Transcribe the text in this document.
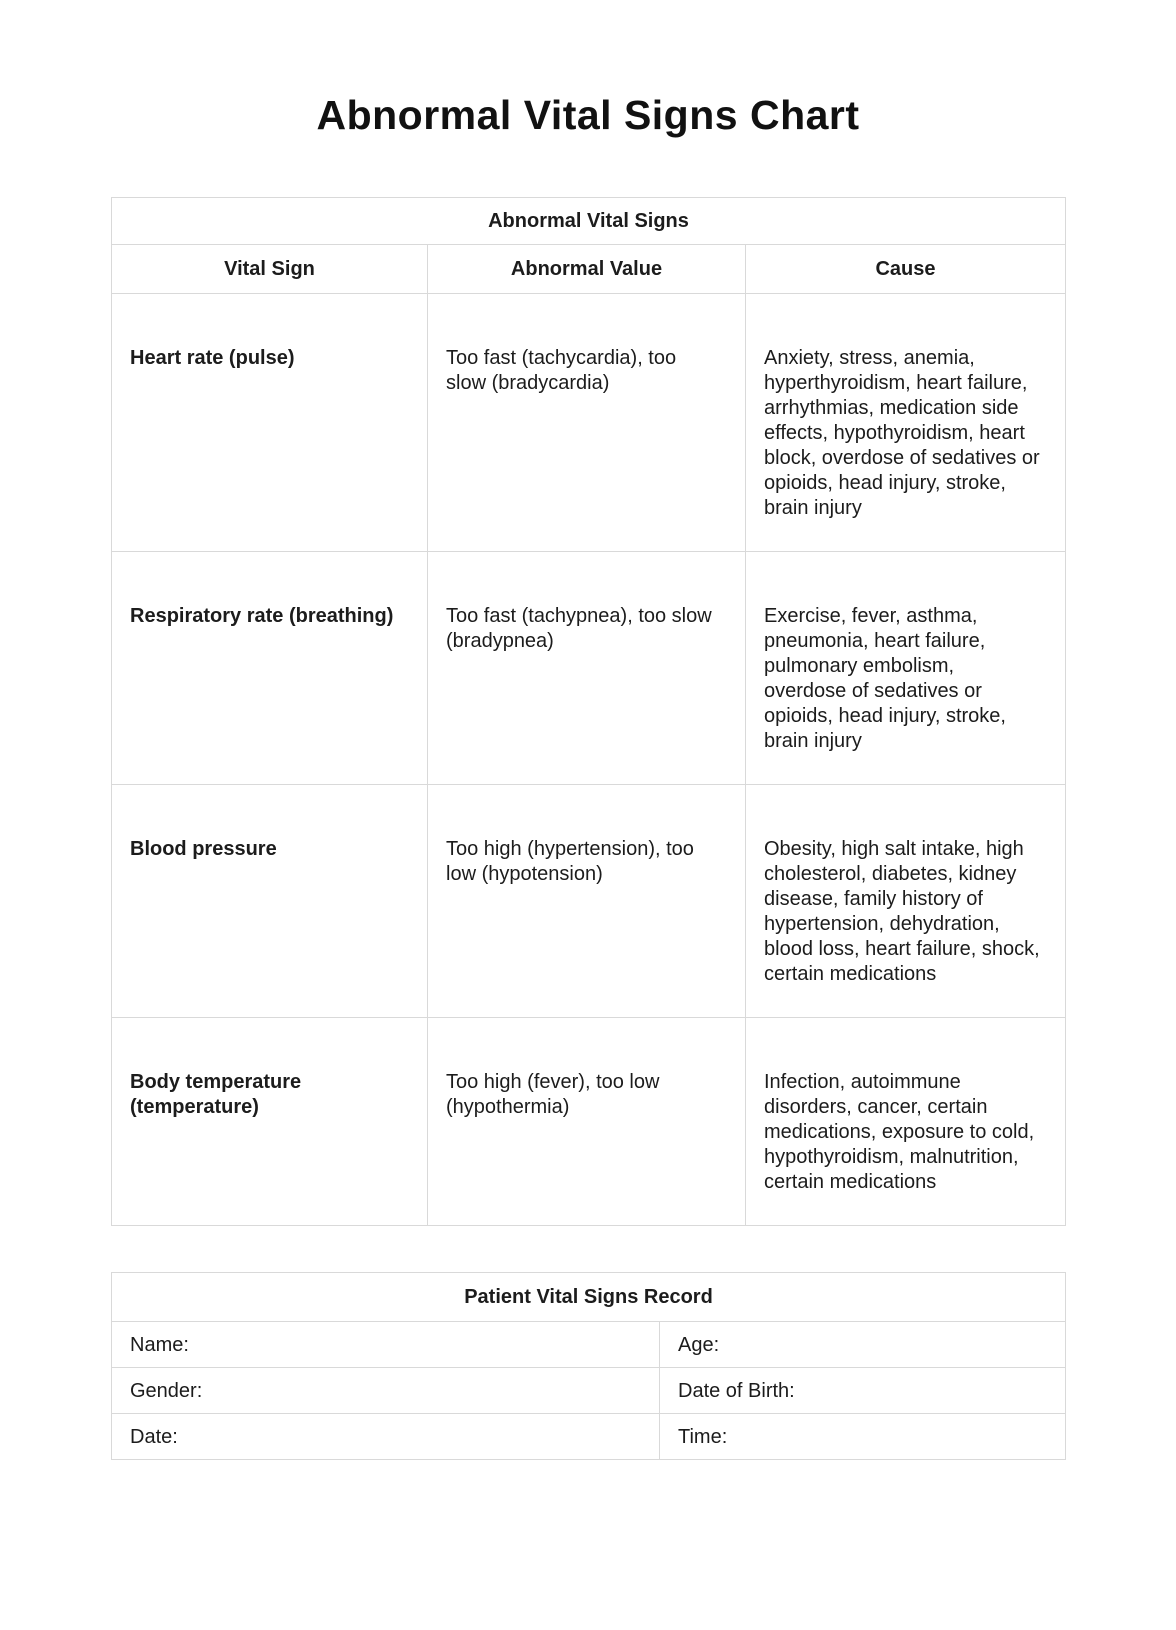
Abnormal Vital Signs Chart
Abnormal Vital Signs		
Vital Sign	Abnormal Value	Cause
Heart rate (pulse)	Too fast (tachycardia), too slow (bradycardia)	Anxiety, stress, anemia, hyperthyroidism, heart failure, arrhythmias, medication side effects, hypothyroidism, heart block, overdose of sedatives or opioids, head injury, stroke, brain injury
Respiratory rate (breathing)	Too fast (tachypnea), too slow (bradypnea)	Exercise, fever, asthma, pneumonia, heart failure, pulmonary embolism, overdose of sedatives or opioids, head injury, stroke, brain injury
Blood pressure	Too high (hypertension), too low (hypotension)	Obesity, high salt intake, high cholesterol, diabetes, kidney disease, family history of hypertension, dehydration, blood loss, heart failure, shock, certain medications
Body temperature (temperature)	Too high (fever), too low (hypothermia)	Infection, autoimmune disorders, cancer, certain medications, exposure to cold, hypothyroidism, malnutrition, certain medications
Patient Vital Signs Record	
Name:	Age:
Gender:	Date of Birth:
Date:	Time:
